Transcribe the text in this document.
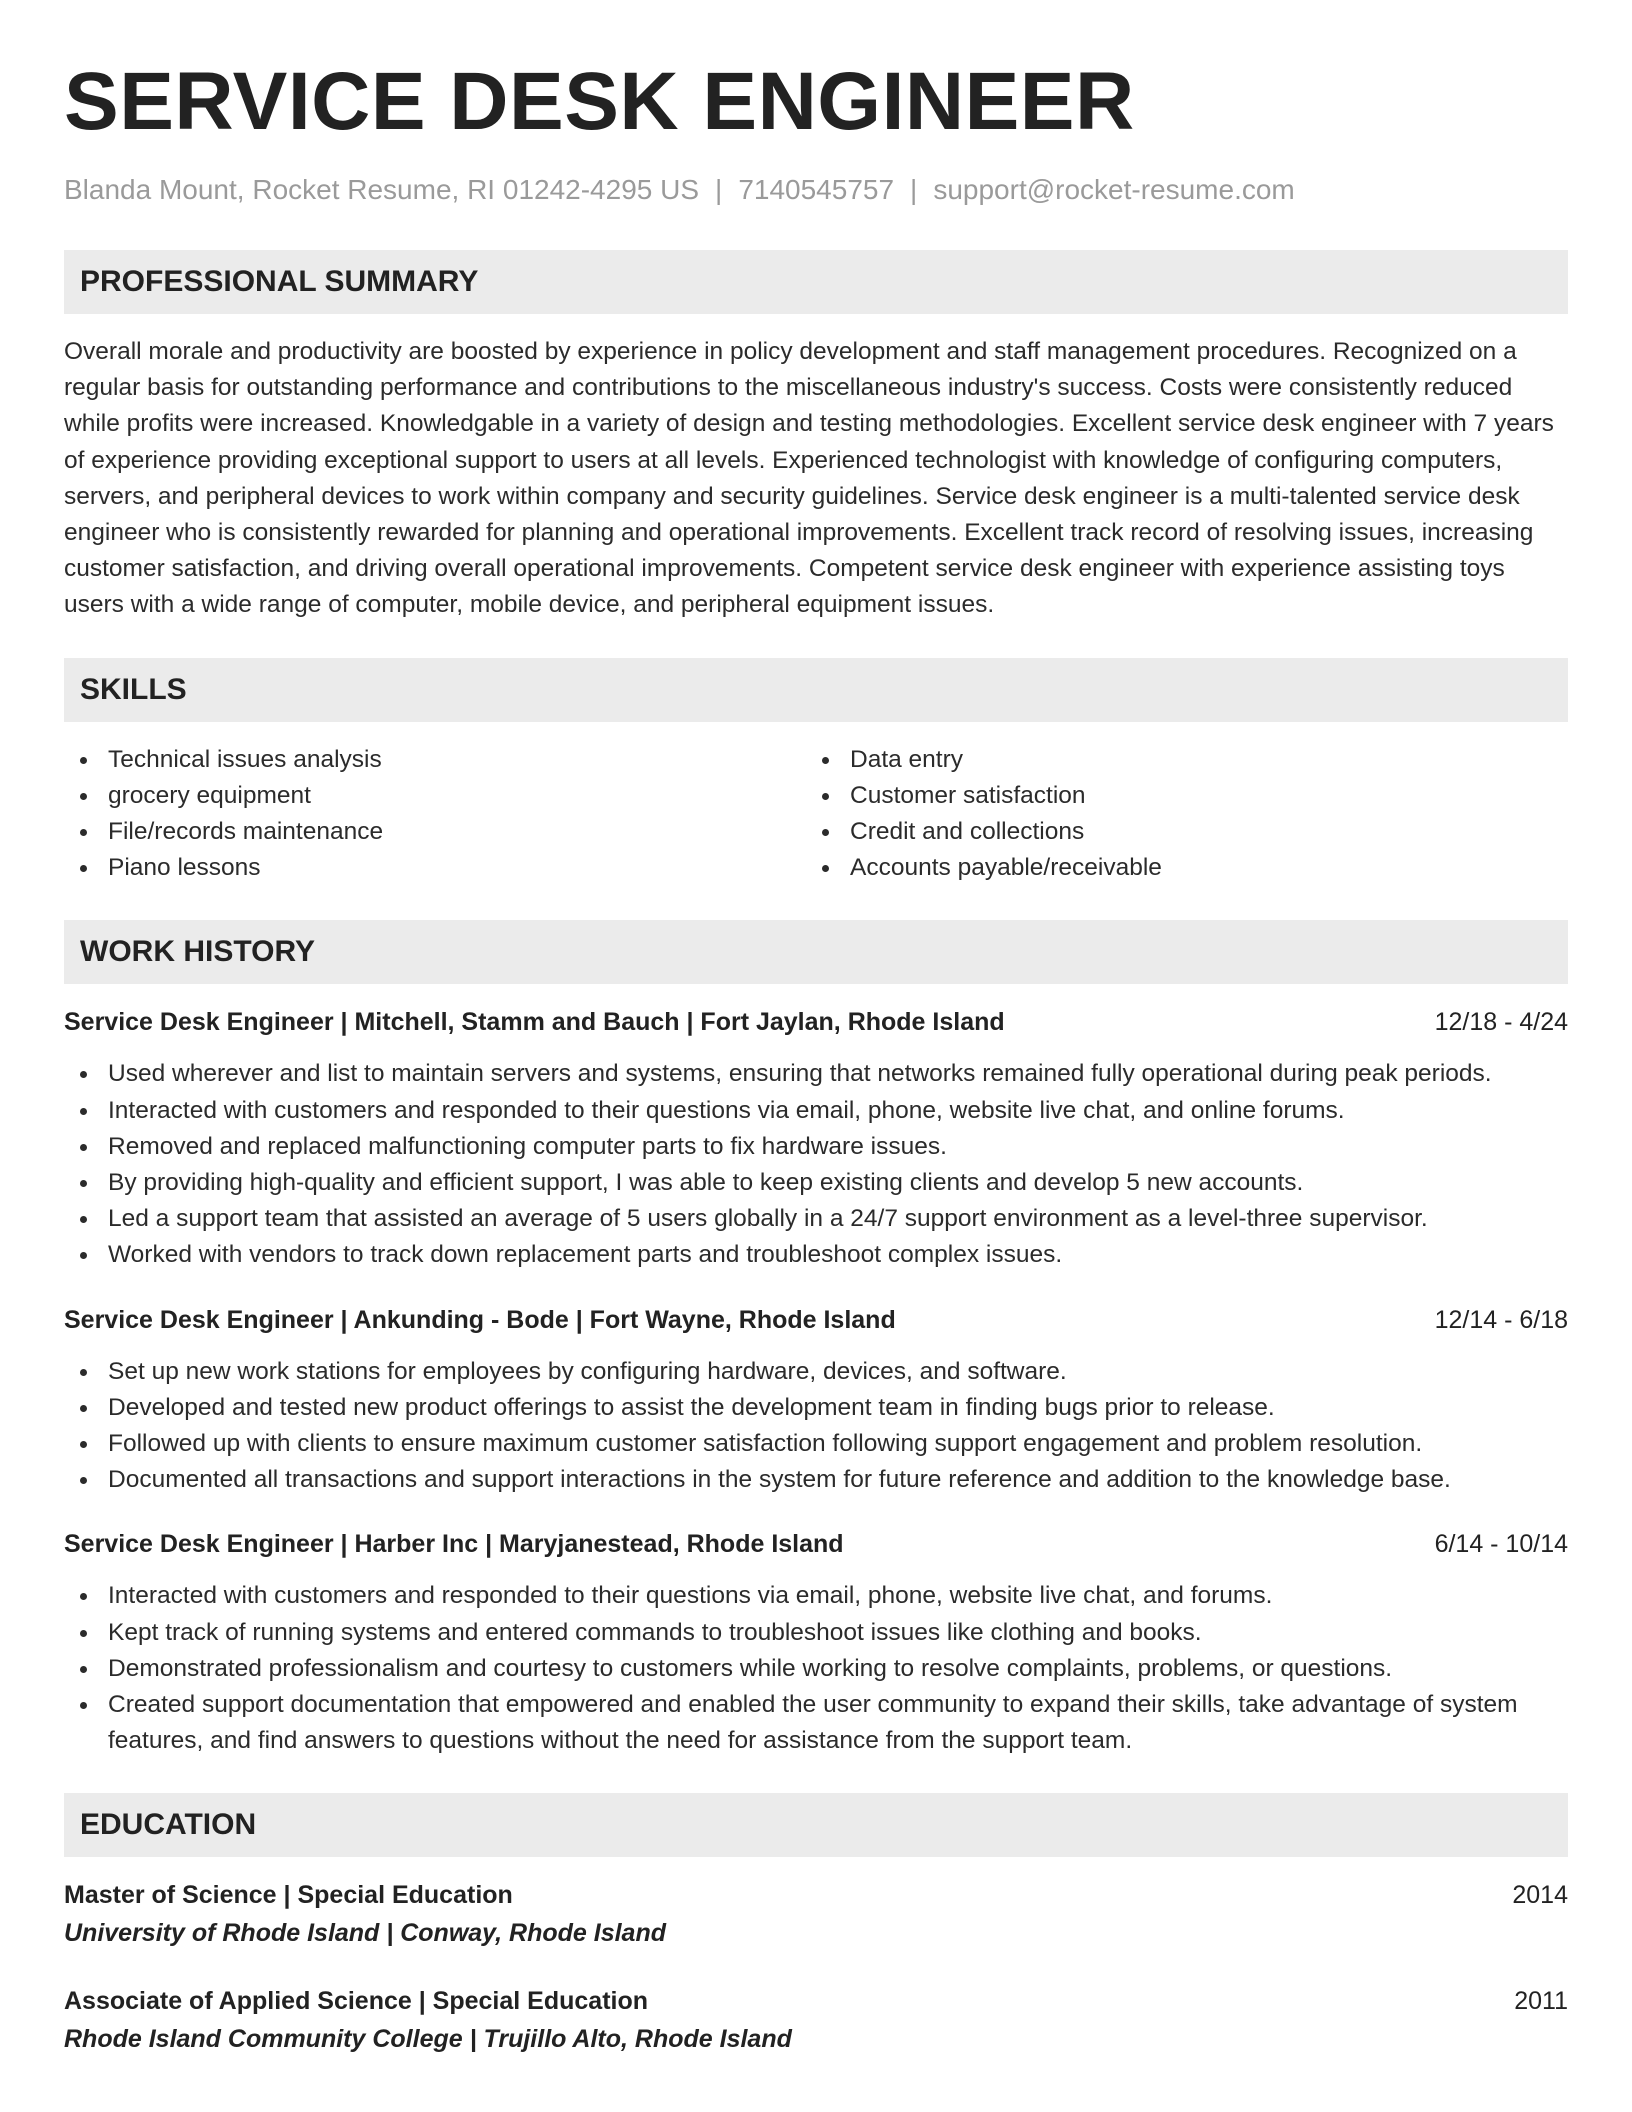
SERVICE DESK ENGINEER
Blanda Mount, Rocket Resume, RI 01242-4295 US | 7140545757 | support@rocket-resume.com
PROFESSIONAL SUMMARY

Overall morale and productivity are boosted by experience in policy development and staff management procedures. Recognized on a regular basis for outstanding performance and contributions to the miscellaneous industry's success. Costs were consistently reduced while profits were increased. Knowledgable in a variety of design and testing methodologies. Excellent service desk engineer with 7 years of experience providing exceptional support to users at all levels. Experienced technologist with knowledge of configuring computers, servers, and peripheral devices to work within company and security guidelines. Service desk engineer is a multi-talented service desk engineer who is consistently rewarded for planning and operational improvements. Excellent track record of resolving issues, increasing customer satisfaction, and driving overall operational improvements. Competent service desk engineer with experience assisting toys users with a wide range of computer, mobile device, and peripheral equipment issues.

SKILLS
Technical issues analysis
grocery equipment
File/records maintenance
Piano lessons
Data entry
Customer satisfaction
Credit and collections
Accounts payable/receivable
WORK HISTORY
Service Desk Engineer | Mitchell, Stamm and Bauch | Fort Jaylan, Rhode Island	12/18 - 4/24
Used wherever and list to maintain servers and systems, ensuring that networks remained fully operational during peak periods.
Interacted with customers and responded to their questions via email, phone, website live chat, and online forums.
Removed and replaced malfunctioning computer parts to fix hardware issues.
By providing high-quality and efficient support, I was able to keep existing clients and develop 5 new accounts.
Led a support team that assisted an average of 5 users globally in a 24/7 support environment as a level-three supervisor.
Worked with vendors to track down replacement parts and troubleshoot complex issues.
Service Desk Engineer | Ankunding - Bode | Fort Wayne, Rhode Island	12/14 - 6/18
Set up new work stations for employees by configuring hardware, devices, and software.
Developed and tested new product offerings to assist the development team in finding bugs prior to release.
Followed up with clients to ensure maximum customer satisfaction following support engagement and problem resolution.
Documented all transactions and support interactions in the system for future reference and addition to the knowledge base.
Service Desk Engineer | Harber Inc | Maryjanestead, Rhode Island	6/14 - 10/14
Interacted with customers and responded to their questions via email, phone, website live chat, and forums.
Kept track of running systems and entered commands to troubleshoot issues like clothing and books.
Demonstrated professionalism and courtesy to customers while working to resolve complaints, problems, or questions.
Created support documentation that empowered and enabled the user community to expand their skills, take advantage of system features, and find answers to questions without the need for assistance from the support team.
EDUCATION
Master of Science | Special Education	2014
University of Rhode Island | Conway, Rhode Island
Associate of Applied Science | Special Education	2011
Rhode Island Community College | Trujillo Alto, Rhode Island
